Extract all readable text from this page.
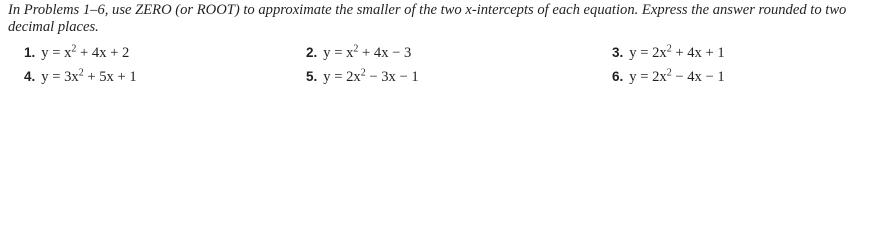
In Problems 1–6, use ZERO (or ROOT) to approximate the smaller of the two x-intercepts of each equation. Express the answer rounded to two decimal places.

1. $y = x^2 + 4x + 2$	2. $y = x^2 + 4x - 3$	3. $y = 2x^2 + 4x + 1$
4. $y = 3x^2 + 5x + 1$	5. $y = 2x^2 - 3x - 1$	6. $y = 2x^2 - 4x - 1$
